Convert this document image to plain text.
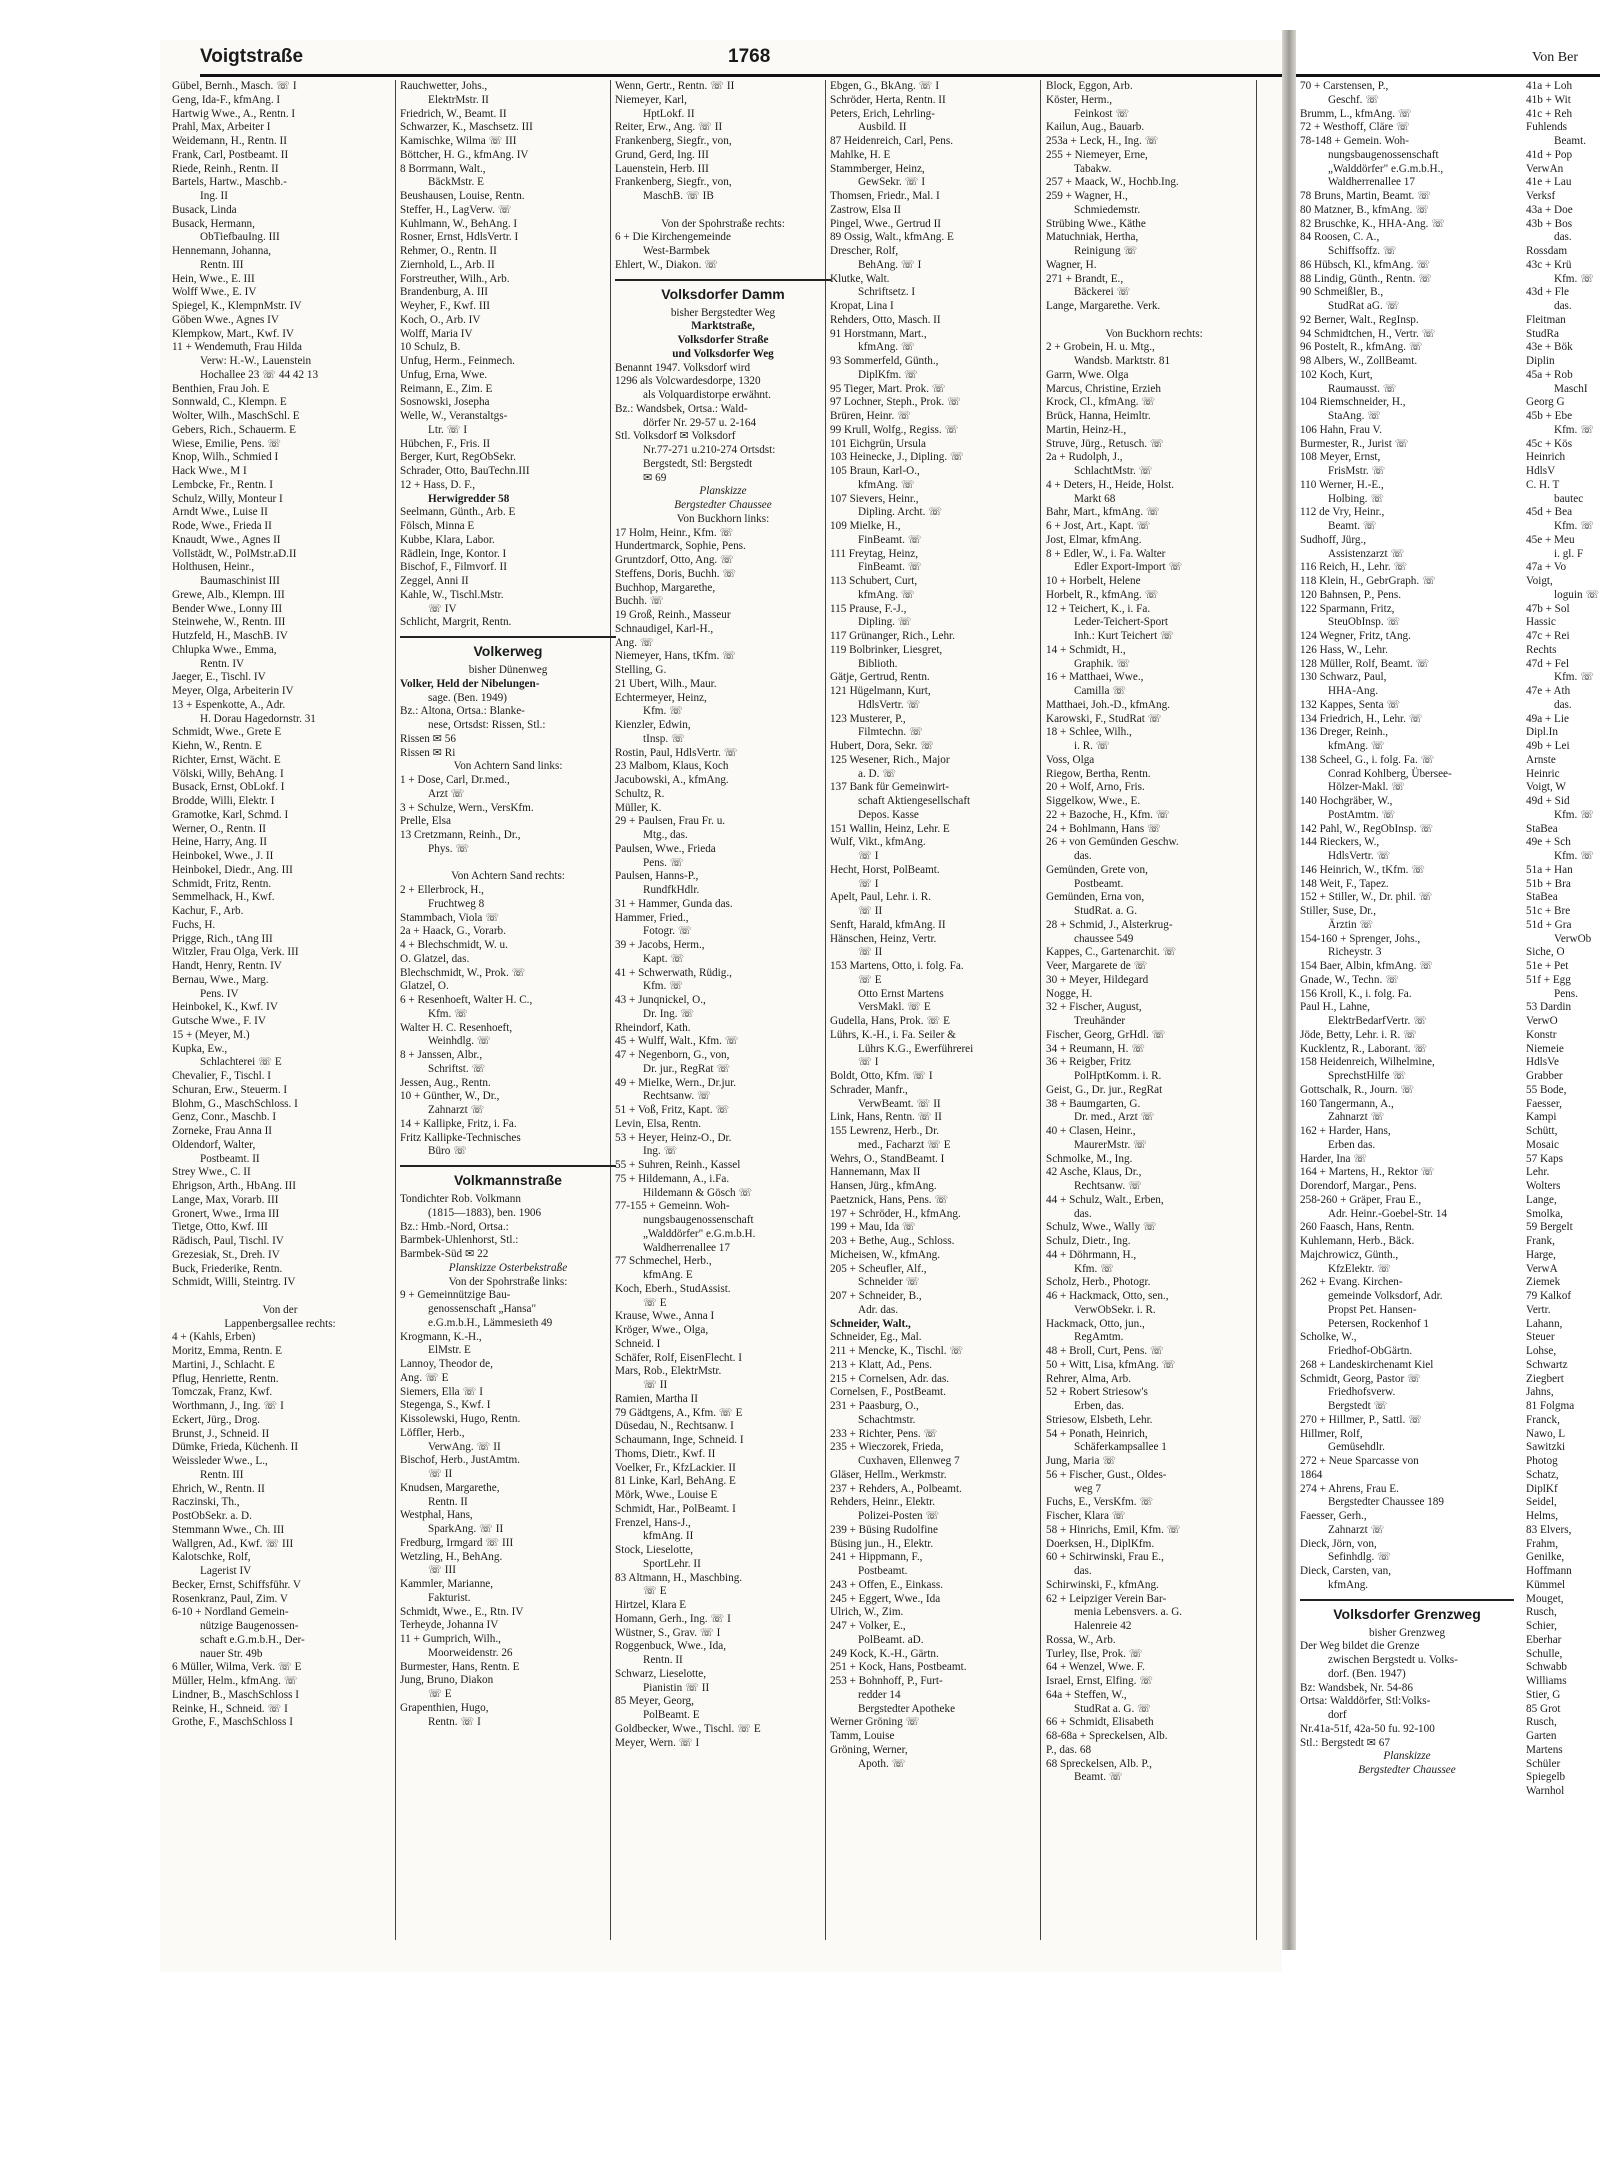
Voigtstraße	1768
Gübel, Bernh., Masch. ☏ I
Geng, Ida-F., kfmAng. I
Hartwig Wwe., A., Rentn. I
Prahl, Max, Arbeiter I
Weidemann, H., Rentn. II
Frank, Carl, Postbeamt. II
Riede, Reinh., Rentn. II
Bartels, Hartw., Maschb.-
Ing. II
Busack, Linda
Busack, Hermann,
ObTiefbauIng. III
Hennemann, Johanna,
Rentn. III
Hein, Wwe., E. III
Wolff Wwe., E. IV
Spiegel, K., KlempnMstr. IV
Göben Wwe., Agnes IV
Klempkow, Mart., Kwf. IV
11 + Wendemuth, Frau Hilda
Verw: H.-W., Lauenstein
Hochallee 23 ☏ 44 42 13
Benthien, Frau Joh. E
Sonnwald, C., Klempn. E
Wolter, Wilh., MaschSchl. E
Gebers, Rich., Schauerm. E
Wiese, Emilie, Pens. ☏
Knop, Wilh., Schmied I
Hack Wwe., M I
Lembcke, Fr., Rentn. I
Schulz, Willy, Monteur I
Arndt Wwe., Luise II
Rode, Wwe., Frieda II
Knaudt, Wwe., Agnes II
Vollstädt, W., PolMstr.aD.II
Holthusen, Heinr.,
Baumaschinist III
Grewe, Alb., Klempn. III
Bender Wwe., Lonny III
Steinwehe, W., Rentn. III
Hutzfeld, H., MaschB. IV
Chlupka Wwe., Emma,
Rentn. IV
Jaeger, E., Tischl. IV
Meyer, Olga, Arbeiterin IV
13 + Espenkotte, A., Adr.
H. Dorau Hagedornstr. 31
Schmidt, Wwe., Grete E
Kiehn, W., Rentn. E
Richter, Ernst, Wächt. E
Völski, Willy, BehAng. I
Busack, Ernst, ObLokf. I
Brodde, Willi, Elektr. I
Gramotke, Karl, Schmd. I
Werner, O., Rentn. II
Heine, Harry, Ang. II
Heinbokel, Wwe., J. II
Heinbokel, Diedr., Ang. III
Schmidt, Fritz, Rentn.
Semmelhack, H., Kwf.
Kachur, F., Arb.
Fuchs, H.
Prigge, Rich., tAng III
Witzler, Frau Olga, Verk. III
Handt, Henry, Rentn. IV
Bernau, Wwe., Marg.
Pens. IV
Heinbokel, K., Kwf. IV
Gutsche Wwe., F. IV
15 + (Meyer, M.)
Kupka, Ew.,
Schlachterei ☏ E
Chevalier, F., Tischl. I
Schuran, Erw., Steuerm. I
Blohm, G., MaschSchloss. I
Genz, Conr., Maschb. I
Zorneke, Frau Anna II
Oldendorf, Walter,
Postbeamt. II
Strey Wwe., C. II
Ehrigson, Arth., HbAng. III
Lange, Max, Vorarb. III
Gronert, Wwe., Irma III
Tietge, Otto, Kwf. III
Rädisch, Paul, Tischl. IV
Grezesiak, St., Dreh. IV
Buck, Friederike, Rentn.
Schmidt, Willi, Steintrg. IV

Von der
Lappenbergsallee rechts:
4 + (Kahls, Erben)
Moritz, Emma, Rentn. E
Martini, J., Schlacht. E
Pflug, Henriette, Rentn.
Tomczak, Franz, Kwf.
Worthmann, J., Ing. ☏ I
Eckert, Jürg., Drog.
Brunst, J., Schneid. II
Dümke, Frieda, Küchenh. II
Weissleder Wwe., L.,
Rentn. III
Ehrich, W., Rentn. II
Raczinski, Th.,
PostObSekr. a. D.
Stemmann Wwe., Ch. III
Wallgren, Ad., Kwf. ☏ III
Kalotschke, Rolf,
Lagerist IV
Becker, Ernst, Schiffsführ. V
Rosenkranz, Paul, Zim. V
6-10 + Nordland Gemein-
nützige Baugenossen-
schaft e.G.m.b.H., Der-
nauer Str. 49b
6 Müller, Wilma, Verk. ☏ E
Müller, Helm., kfmAng. ☏
Lindner, B., MaschSchloss I
Reinke, H., Schneid. ☏ I
Grothe, F., MaschSchloss I
Rauchwetter, Johs.,
ElektrMstr. II
Friedrich, W., Beamt. II
Schwarzer, K., Maschsetz. III
Kamischke, Wilma ☏ III
Böttcher, H. G., kfmAng. IV
8 Borrmann, Walt.,
BäckMstr. E
Beushausen, Louise, Rentn.
Steffer, H., LagVerw. ☏
Kuhlmann, W., BehAng. I
Rosner, Ernst, HdlsVertr. I
Rehmer, O., Rentn. II
Ziernhold, L., Arb. II
Forstreuther, Wilh., Arb.
Brandenburg, A. III
Weyher, F., Kwf. III
Koch, O., Arb. IV
Wolff, Maria IV
10 Schulz, B.
Unfug, Herm., Feinmech.
Unfug, Erna, Wwe.
Reimann, E., Zim. E
Sosnowski, Josepha
Welle, W., Veranstaltgs-
Ltr. ☏ I
Hübchen, F., Fris. II
Berger, Kurt, RegObSekr.
Schrader, Otto, BauTechn.III
12 + Hass, D. F.,
Herwigredder 58
Seelmann, Günth., Arb. E
Fölsch, Minna E
Kubbe, Klara, Labor.
Rädlein, Inge, Kontor. I
Bischof, F., Filmvorf. II
Zeggel, Anni II
Kahle, W., Tischl.Mstr.
☏ IV
Schlicht, Margrit, Rentn.
Volkerweg
bisher Dünenweg
Volker, Held der Nibelungen-
sage. (Ben. 1949)
Bz.: Altona, Ortsa.: Blanke-
nese, Ortsdst: Rissen, Stl.:
Rissen ✉ 56
Rissen ✉ Ri
Von Achtern Sand links:
1 + Dose, Carl, Dr.med.,
Arzt ☏
3 + Schulze, Wern., VersKfm.
Prelle, Elsa
13 Cretzmann, Reinh., Dr.,
Phys. ☏

Von Achtern Sand rechts:
2 + Ellerbrock, H.,
Fruchtweg 8
Stammbach, Viola ☏
2a + Haack, G., Vorarb.
4 + Blechschmidt, W. u.
O. Glatzel, das.
Blechschmidt, W., Prok. ☏
Glatzel, O.
6 + Resenhoeft, Walter H. C.,
Kfm. ☏
Walter H. C. Resenhoeft,
Weinhdlg. ☏
8 + Janssen, Albr.,
Schriftst. ☏
Jessen, Aug., Rentn.
10 + Günther, W., Dr.,
Zahnarzt ☏
14 + Kallipke, Fritz, i. Fa.
Fritz Kallipke-Technisches
Büro ☏
Volkmannstraße
Tondichter Rob. Volkmann
(1815—1883), ben. 1906
Bz.: Hmb.-Nord, Ortsa.:
Barmbek-Uhlenhorst, Stl.:
Barmbek-Süd ✉ 22
Planskizze Osterbekstraße
Von der Spohrstraße links:
9 + Gemeinnützige Bau-
genossenschaft „Hansa"
e.G.m.b.H., Lämmesieth 49
Krogmann, K.-H.,
ElMstr. E
Lannoy, Theodor de,
Ang. ☏ E
Siemers, Ella ☏ I
Stegenga, S., Kwf. I
Kissolewski, Hugo, Rentn.
Löffler, Herb.,
VerwAng. ☏ II
Bischof, Herb., JustAmtm.
☏ II
Knudsen, Margarethe,
Rentn. II
Westphal, Hans,
SparkAng. ☏ II
Fredburg, Irmgard ☏ III
Wetzling, H., BehAng.
☏ III
Kammler, Marianne,
Fakturist.
Schmidt, Wwe., E., Rtn. IV
Terheyde, Johanna IV
11 + Gumprich, Wilh.,
Moorweidenstr. 26
Burmester, Hans, Rentn. E
Jung, Bruno, Diakon
☏ E
Grapenthien, Hugo,
Rentn. ☏ I
Wenn, Gertr., Rentn. ☏ II
Niemeyer, Karl,
HptLokf. II
Reiter, Erw., Ang. ☏ II
Frankenberg, Siegfr., von,
Grund, Gerd, Ing. III
Lauenstein, Herb. III
Frankenberg, Siegfr., von,
MaschB. ☏ IB

Von der Spohrstraße rechts:
6 + Die Kirchengemeinde
West-Barmbek
Ehlert, W., Diakon. ☏
Volksdorfer Damm
bisher Bergstedter Weg
Marktstraße,
Volksdorfer Straße
und Volksdorfer Weg
Benannt 1947. Volksdorf wird
1296 als Volcwardesdorpe, 1320
als Volquardistorpe erwähnt.
Bz.: Wandsbek, Ortsa.: Wald-
dörfer Nr. 29-57 u. 2-164
Stl. Volksdorf ✉ Volksdorf
Nr.77-271 u.210-274 Ortsdst:
Bergstedt, Stl: Bergstedt
✉ 69
Planskizze
Bergstedter Chaussee
Von Buckhorn links:
17 Holm, Heinr., Kfm. ☏
Hundertmarck, Sophie, Pens.
Gruntzdorf, Otto, Ang. ☏
Steffens, Doris, Buchh. ☏
Buchhop, Margarethe,
Buchh. ☏
19 Groß, Reinh., Masseur
Schnaudigel, Karl-H.,
Ang. ☏
Niemeyer, Hans, tKfm. ☏
Stelling, G.
21 Ubert, Wilh., Maur.
Echtermeyer, Heinz,
Kfm. ☏
Kienzler, Edwin,
tInsp. ☏
Rostin, Paul, HdlsVertr. ☏
23 Malbom, Klaus, Koch
Jacubowski, A., kfmAng.
Schultz, R.
Müller, K.
29 + Paulsen, Frau Fr. u.
Mtg., das.
Paulsen, Wwe., Frieda
Pens. ☏
Paulsen, Hanns-P.,
RundfkHdlr.
31 + Hammer, Gunda das.
Hammer, Fried.,
Fotogr. ☏
39 + Jacobs, Herm.,
Kapt. ☏
41 + Schwerwath, Rüdig.,
Kfm. ☏
43 + Junqnickel, O.,
Dr. Ing. ☏
Rheindorf, Kath.
45 + Wulff, Walt., Kfm. ☏
47 + Negenborn, G., von,
Dr. jur., RegRat ☏
49 + Mielke, Wern., Dr.jur.
Rechtsanw. ☏
51 + Voß, Fritz, Kapt. ☏
Levin, Elsa, Rentn.
53 + Heyer, Heinz-O., Dr.
Ing. ☏
55 + Suhren, Reinh., Kassel
75 + Hildemann, A., i.Fa.
Hildemann & Gösch ☏
77-155 + Gemeinn. Woh-
nungsbaugenossenschaft
„Walddörfer" e.G.m.b.H.
Waldherrenallee 17
77 Schmechel, Herb.,
kfmAng. E
Koch, Eberh., StudAssist.
☏ E
Krause, Wwe., Anna I
Kröger, Wwe., Olga,
Schneid. I
Schäfer, Rolf, EisenFlecht. I
Mars, Rob., ElektrMstr.
☏ II
Ramien, Martha II
79 Gädtgens, A., Kfm. ☏ E
Düsedau, N., Rechtsanw. I
Schaumann, Inge, Schneid. I
Thoms, Dietr., Kwf. II
Voelker, Fr., KfzLackier. II
81 Linke, Karl, BehAng. E
Mörk, Wwe., Louise E
Schmidt, Har., PolBeamt. I
Frenzel, Hans-J.,
kfmAng. II
Stock, Lieselotte,
SportLehr. II
83 Altmann, H., Maschbing.
☏ E
Hirtzel, Klara E
Homann, Gerh., Ing. ☏ I
Wüstner, S., Grav. ☏ I
Roggenbuck, Wwe., Ida,
Rentn. II
Schwarz, Lieselotte,
Pianistin ☏ II
85 Meyer, Georg,
PolBeamt. E
Goldbecker, Wwe., Tischl. ☏ E
Meyer, Wern. ☏ I
Ebgen, G., BkAng. ☏ I
Schröder, Herta, Rentn. II
Peters, Erich, Lehrling-
Ausbild. II
87 Heidenreich, Carl, Pens.
Mahlke, H. E
Stammberger, Heinz,
GewSekr. ☏ I
Thomsen, Friedr., Mal. I
Zastrow, Elsa II
Pingel, Wwe., Gertrud II
89 Ossig, Walt., kfmAng. E
Drescher, Rolf,
BehAng. ☏ I
Klutke, Walt.
Schriftsetz. I
Kropat, Lina I
Rehders, Otto, Masch. II
91 Horstmann, Mart.,
kfmAng. ☏
93 Sommerfeld, Günth.,
DiplKfm. ☏
95 Tieger, Mart. Prok. ☏
97 Lochner, Steph., Prok. ☏
Brüren, Heinr. ☏
99 Krull, Wolfg., Regiss. ☏
101 Eichgrün, Ursula
103 Heinecke, J., Dipling. ☏
105 Braun, Karl-O.,
kfmAng. ☏
107 Sievers, Heinr.,
Dipling. Archt. ☏
109 Mielke, H.,
FinBeamt. ☏
111 Freytag, Heinz,
FinBeamt. ☏
113 Schubert, Curt,
kfmAng. ☏
115 Prause, F.-J.,
Dipling. ☏
117 Grünanger, Rich., Lehr.
119 Bolbrinker, Liesgret,
Biblioth.
Gätje, Gertrud, Rentn.
121 Hügelmann, Kurt,
HdlsVertr. ☏
123 Musterer, P.,
Filmtechn. ☏
Hubert, Dora, Sekr. ☏
125 Wesener, Rich., Major
a. D. ☏
137 Bank für Gemeinwirt-
schaft Aktiengesellschaft
Depos. Kasse
151 Wallin, Heinz, Lehr. E
Wulf, Vikt., kfmAng.
☏ I
Hecht, Horst, PolBeamt.
☏ I
Apelt, Paul, Lehr. i. R.
☏ II
Senft, Harald, kfmAng. II
Hänschen, Heinz, Vertr.
☏ II
153 Martens, Otto, i. folg. Fa.
☏ E
Otto Ernst Martens
VersMakl. ☏ E
Gudella, Hans, Prok. ☏ E
Lührs, K.-H., i. Fa. Seiler &
Lührs K.G., Ewerführerei
☏ I
Boldt, Otto, Kfm. ☏ I
Schrader, Manfr.,
VerwBeamt. ☏ II
Link, Hans, Rentn. ☏ II
155 Lewrenz, Herb., Dr.
med., Facharzt ☏ E
Wehrs, O., StandBeamt. I
Hannemann, Max II
Hansen, Jürg., kfmAng.
Paetznick, Hans, Pens. ☏
197 + Schröder, H., kfmAng.
199 + Mau, Ida ☏
203 + Bethe, Aug., Schloss.
Micheisen, W., kfmAng.
205 + Scheufler, Alf.,
Schneider ☏
207 + Schneider, B.,
Adr. das.
Schneider, Walt.,
Schneider, Eg., Mal.
211 + Mencke, K., Tischl. ☏
213 + Klatt, Ad., Pens.
215 + Cornelsen, Adr. das.
Cornelsen, F., PostBeamt.
231 + Paasburg, O.,
Schachtmstr.
233 + Richter, Pens. ☏
235 + Wieczorek, Frieda,
Cuxhaven, Ellenweg 7
Gläser, Hellm., Werkmstr.
237 + Rehders, A., Polbeamt.
Rehders, Heinr., Elektr.
Polizei-Posten ☏
239 + Büsing Rudolfine
Büsing jun., H., Elektr.
241 + Hippmann, F.,
Postbeamt.
243 + Offen, E., Einkass.
245 + Eggert, Wwe., Ida
Ulrich, W., Zim.
247 + Volker, E.,
PolBeamt. aD.
249 Kock, K.-H., Gärtn.
251 + Kock, Hans, Postbeamt.
253 + Bohnhoff, P., Furt-
redder 14
Bergstedter Apotheke
Werner Gröning ☏
Tamm, Louise
Gröning, Werner,
Apoth. ☏
Block, Eggon, Arb.
Köster, Herm.,
Feinkost ☏
Kailun, Aug., Bauarb.
253a + Leck, H., Ing. ☏
255 + Niemeyer, Erne,
Tabakw.
257 + Maack, W., Hochb.Ing.
259 + Wagner, H.,
Schmiedemstr.
Strübing Wwe., Käthe
Matuchniak, Hertha,
Reinigung ☏
Wagner, H.
271 + Brandt, E.,
Bäckerei ☏
Lange, Margarethe. Verk.

Von Buckhorn rechts:
2 + Grobein, H. u. Mtg.,
Wandsb. Marktstr. 81
Garrn, Wwe. Olga
Marcus, Christine, Erzieh
Krock, Cl., kfmAng. ☏
Brück, Hanna, Heimltr.
Martin, Heinz-H.,
Struve, Jürg., Retusch. ☏
2a + Rudolph, J.,
SchlachtMstr. ☏
4 + Deters, H., Heide, Holst.
Markt 68
Bahr, Mart., kfmAng. ☏
6 + Jost, Art., Kapt. ☏
Jost, Elmar, kfmAng.
8 + Edler, W., i. Fa. Walter
Edler Export-Import ☏
10 + Horbelt, Helene
Horbelt, R., kfmAng. ☏
12 + Teichert, K., i. Fa.
Leder-Teichert-Sport
Inh.: Kurt Teichert ☏
14 + Schmidt, H.,
Graphik. ☏
16 + Matthaei, Wwe.,
Camilla ☏
Matthaei, Joh.-D., kfmAng.
Karowski, F., StudRat ☏
18 + Schlee, Wilh.,
i. R. ☏
Voss, Olga
Riegow, Bertha, Rentn.
20 + Wolf, Arno, Fris.
Siggelkow, Wwe., E.
22 + Bazoche, H., Kfm. ☏
24 + Bohlmann, Hans ☏
26 + von Gemünden Geschw.
das.
Gemünden, Grete von,
Postbeamt.
Gemünden, Erna von,
StudRat. a. G.
28 + Schmid, J., Alsterkrug-
chaussee 549
Kappes, C., Gartenarchit. ☏
Veer, Margarete de ☏
30 + Meyer, Hildegard
Nogge, H.
32 + Fischer, August,
Treuhänder
Fischer, Georg, GrHdl. ☏
34 + Reumann, H. ☏
36 + Reigber, Fritz
PolHptKomm. i. R.
Geist, G., Dr. jur., RegRat
38 + Baumgarten, G.
Dr. med., Arzt ☏
40 + Clasen, Heinr.,
MaurerMstr. ☏
Schmolke, M., Ing.
42 Asche, Klaus, Dr.,
Rechtsanw. ☏
44 + Schulz, Walt., Erben,
das.
Schulz, Wwe., Wally ☏
Schulz, Dietr., Ing.
44 + Döhrmann, H.,
Kfm. ☏
Scholz, Herb., Photogr.
46 + Hackmack, Otto, sen.,
VerwObSekr. i. R.
Hackmack, Otto, jun.,
RegAmtm.
48 + Broll, Curt, Pens. ☏
50 + Witt, Lisa, kfmAng. ☏
Rehrer, Alma, Arb.
52 + Robert Striesow's
Erben, das.
Striesow, Elsbeth, Lehr.
54 + Ponath, Heinrich,
Schäferkampsallee 1
Jung, Maria ☏
56 + Fischer, Gust., Oldes-
weg 7
Fuchs, E., VersKfm. ☏
Fischer, Klara ☏
58 + Hinrichs, Emil, Kfm. ☏
Doerksen, H., DiplKfm.
60 + Schirwinski, Frau E.,
das.
Schirwinski, F., kfmAng.
62 + Leipziger Verein Bar-
menia Lebensvers. a. G.
Halenreie 42
Rossa, W., Arb.
Turley, Ilse, Prok. ☏
64 + Wenzel, Wwe. F.
Israel, Ernst, Elfing. ☏
64a + Steffen, W.,
StudRat a. G. ☏
66 + Schmidt, Elisabeth
68-68a + Spreckelsen, Alb.
P., das. 68
68 Spreckelsen, Alb. P.,
Beamt. ☏
Von Ber
70 + Carstensen, P.,
Geschf. ☏
Brumm, L., kfmAng. ☏
72 + Westhoff, Cläre ☏
78-148 + Gemein. Woh-
nungsbaugenossenschaft
„Walddörfer" e.G.m.b.H.,
Waldherrenallee 17
78 Bruns, Martin, Beamt. ☏
80 Matzner, B., kfmAng. ☏
82 Bruschke, K., HHA-Ang. ☏
84 Roosen, C. A.,
Schiffsoffz. ☏
86 Hübsch, Kl., kfmAng. ☏
88 Lindig, Günth., Rentn. ☏
90 Schmeißler, B.,
StudRat aG. ☏
92 Berner, Walt., RegInsp.
94 Schmidtchen, H., Vertr. ☏
96 Postelt, R., kfmAng. ☏
98 Albers, W., ZollBeamt.
102 Koch, Kurt,
Raumausst. ☏
104 Riemschneider, H.,
StaAng. ☏
106 Hahn, Frau V.
Burmester, R., Jurist ☏
108 Meyer, Ernst,
FrisMstr. ☏
110 Werner, H.-E.,
Holbing. ☏
112 de Vry, Heinr.,
Beamt. ☏
Sudhoff, Jürg.,
Assistenzarzt ☏
116 Reich, H., Lehr. ☏
118 Klein, H., GebrGraph. ☏
120 Bahnsen, P., Pens.
122 Sparmann, Fritz,
SteuObInsp. ☏
124 Wegner, Fritz, tAng.
126 Hass, W., Lehr.
128 Müller, Rolf, Beamt. ☏
130 Schwarz, Paul,
HHA-Ang.
132 Kappes, Senta ☏
134 Friedrich, H., Lehr. ☏
136 Dreger, Reinh.,
kfmAng. ☏
138 Scheel, G., i. folg. Fa. ☏
Conrad Kohlberg, Übersee-
Hölzer-Makl. ☏
140 Hochgräber, W.,
PostAmtm. ☏
142 Pahl, W., RegObInsp. ☏
144 Rieckers, W.,
HdlsVertr. ☏
146 Heinrich, W., tKfm. ☏
148 Weit, F., Tapez.
152 + Stiller, W., Dr. phil. ☏
Stiller, Suse, Dr.,
Ärztin ☏
154-160 + Sprenger, Johs.,
Richeystr. 3
154 Baer, Albin, kfmAng. ☏
Gnade, W., Techn. ☏
156 Kroll, K., i. folg. Fa.
Paul H., Lahne,
ElektrBedarfVertr. ☏
Jöde, Betty, Lehr. i. R. ☏
Kucklentz, R., Laborant. ☏
158 Heidenreich, Wilhelmine,
SprechstHilfe ☏
Gottschalk, R., Journ. ☏
160 Tangermann, A.,
Zahnarzt ☏
162 + Harder, Hans,
Erben das.
Harder, Ina ☏
164 + Martens, H., Rektor ☏
Dorendorf, Margar., Pens.
258-260 + Gräper, Frau E.,
Adr. Heinr.-Goebel-Str. 14
260 Faasch, Hans, Rentn.
Kuhlemann, Herb., Bäck.
Majchrowicz, Günth.,
KfzElektr. ☏
262 + Evang. Kirchen-
gemeinde Volksdorf, Adr.
Propst Pet. Hansen-
Petersen, Rockenhof 1
Scholke, W.,
Friedhof-ObGärtn.
268 + Landeskirchenamt Kiel
Schmidt, Georg, Pastor ☏
Friedhofsverw.
Bergstedt ☏
270 + Hillmer, P., Sattl. ☏
Hillmer, Rolf,
Gemüsehdlr.
272 + Neue Sparcasse von
1864
274 + Ahrens, Frau E.
Bergstedter Chaussee 189
Faesser, Gerh.,
Zahnarzt ☏
Dieck, Jörn, von,
Sefinhdlg. ☏
Dieck, Carsten, van,
kfmAng.
Volksdorfer Grenzweg
bisher Grenzweg
Der Weg bildet die Grenze
zwischen Bergstedt u. Volks-
dorf. (Ben. 1947)
Bz: Wandsbek, Nr. 54-86
Ortsa: Walddörfer, Stl:Volks-
dorf
Nr.41a-51f, 42a-50 fu. 92-100
Stl.: Bergstedt ✉ 67
Planskizze
Bergstedter Chaussee
41a + Loh
41b + Wit
41c + Reh
Fuhlends
Beamt.
41d + Pop
VerwAn
41e + Lau
Verksf
43a + Doe
43b + Bos
das.
Rossdam
43c + Krü
Kfm. ☏
43d + Fle
das.
Fleitman
StudRa
43e + Bök
Diplin
45a + Rob
MaschI
Georg G
45b + Ebe
Kfm. ☏
45c + Kös
Heinrich
HdlsV
C. H. T
bautec
45d + Bea
Kfm. ☏
45e + Meu
i. gl. F
47a + Vo
Voigt,
loguin ☏
47b + Sol
Hassic
47c + Rei
Rechts
47d + Fel
Kfm. ☏
47e + Ath
das.
49a + Lie
Dipl.In
49b + Lei
Arnste
Heinric
Voigt, W
49d + Sid
Kfm. ☏
StaBea
49e + Sch
Kfm. ☏
51a + Han
51b + Bra
StaBea
51c + Bre
51d + Gra
VerwOb
Siche, O
51e + Pet
51f + Egg
Pens.
53 Dardin
VerwO
Konstr
Niemeie
HdlsVe
Grabber
55 Bode,
Faesser,
Kampi
Schütt,
Mosaic
57 Kaps
Lehr.
Wolters
Lange,
Smolka,
59 Bergelt
Frank,
Harge,
VerwA
Ziemek
79 Kalkof
Vertr.
Lahann,
Steuer
Lohse,
Schwartz
Ziegbert
Jahns,
81 Folgma
Franck,
Nawo, L
Sawitzki
Photog
Schatz,
DiplKf
Seidel,
Helms,
83 Elvers,
Frahm,
Genilke,
Hoffmann
Kümmel
Mouget,
Rusch,
Schier,
Eberhar
Schulle,
Schwabb
Williams
Stier, G
85 Grot
Rusch,
Garten
Martens
Schüler
Spiegelb
Warnhol
